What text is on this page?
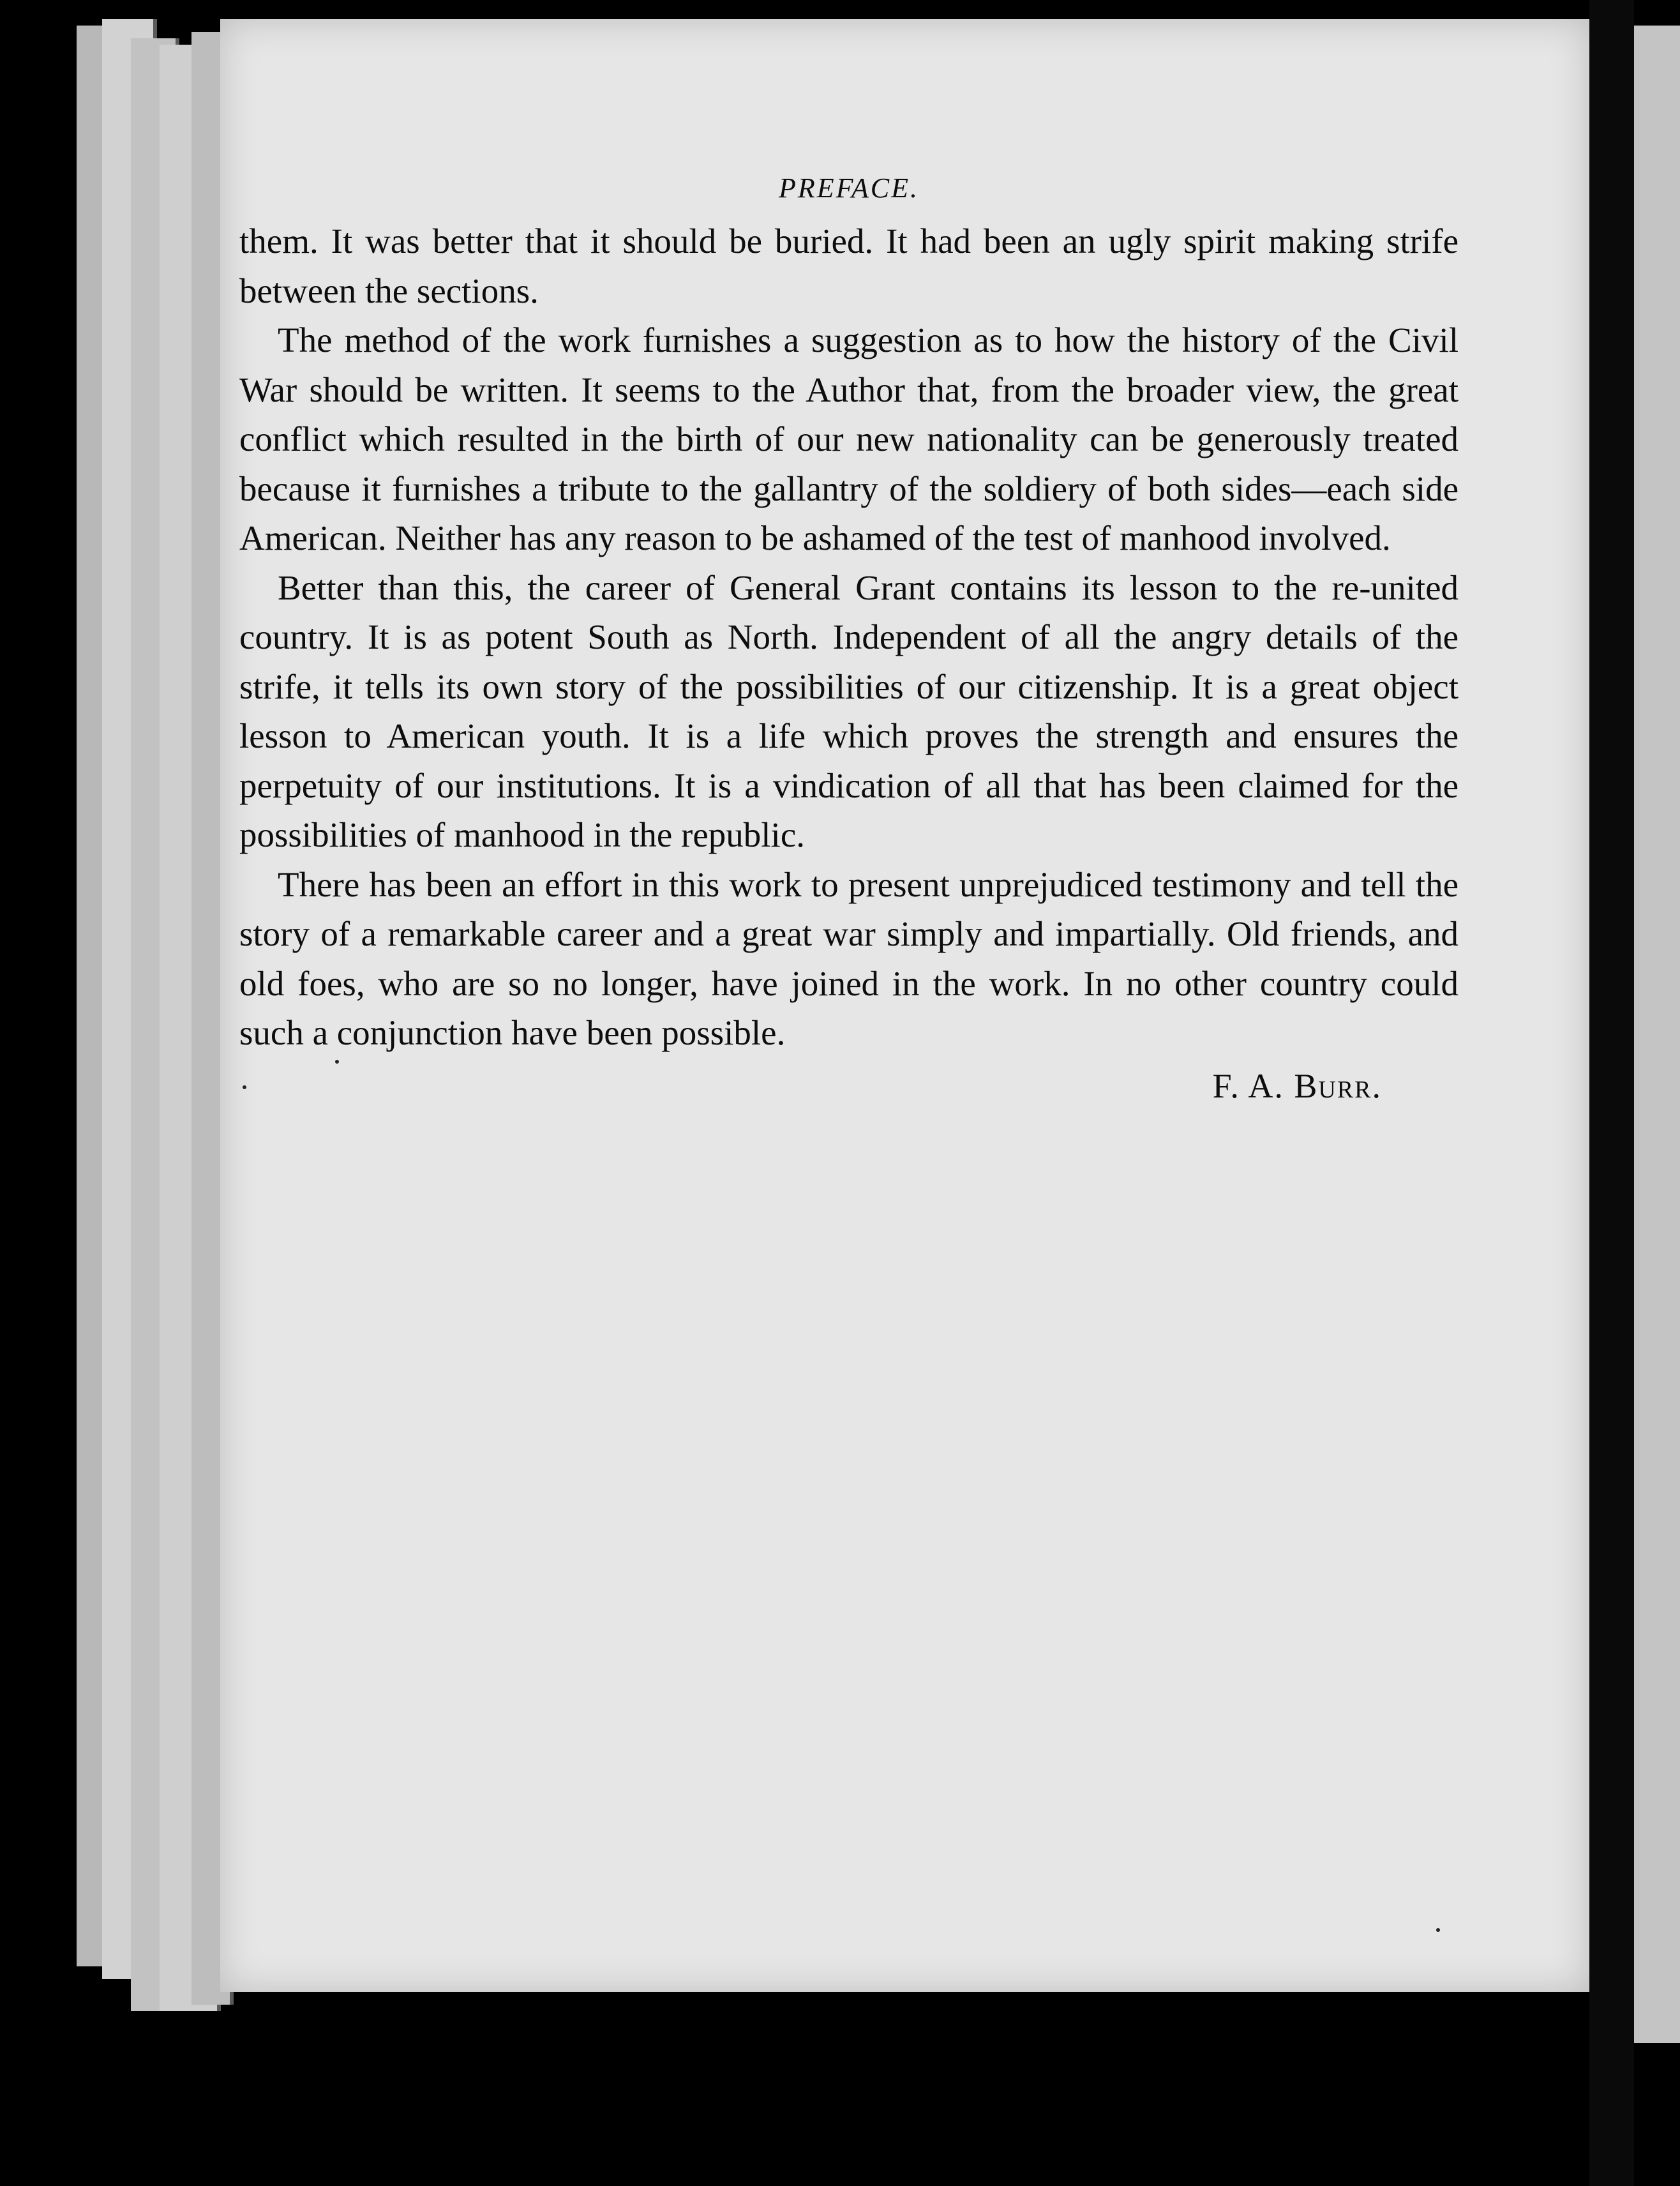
PREFACE.

them. It was better that it should be buried. It had been an ugly spirit making strife between the sections.

The method of the work furnishes a suggestion as to how the history of the Civil War should be written. It seems to the Author that, from the broader view, the great conflict which resulted in the birth of our new nationality can be generously treated because it furnishes a tribute to the gallantry of the soldiery of both sides—each side American. Neither has any reason to be ashamed of the test of manhood involved.

Better than this, the career of General Grant contains its lesson to the re-united country. It is as potent South as North. Independent of all the angry details of the strife, it tells its own story of the possibilities of our citizenship. It is a great object lesson to American youth. It is a life which proves the strength and ensures the perpetuity of our institutions. It is a vindication of all that has been claimed for the possibilities of manhood in the republic.

There has been an effort in this work to present unprejudiced testimony and tell the story of a remarkable career and a great war simply and impartially. Old friends, and old foes, who are so no longer, have joined in the work. In no other country could such a conjunction have been possible.

F. A. Burr.
